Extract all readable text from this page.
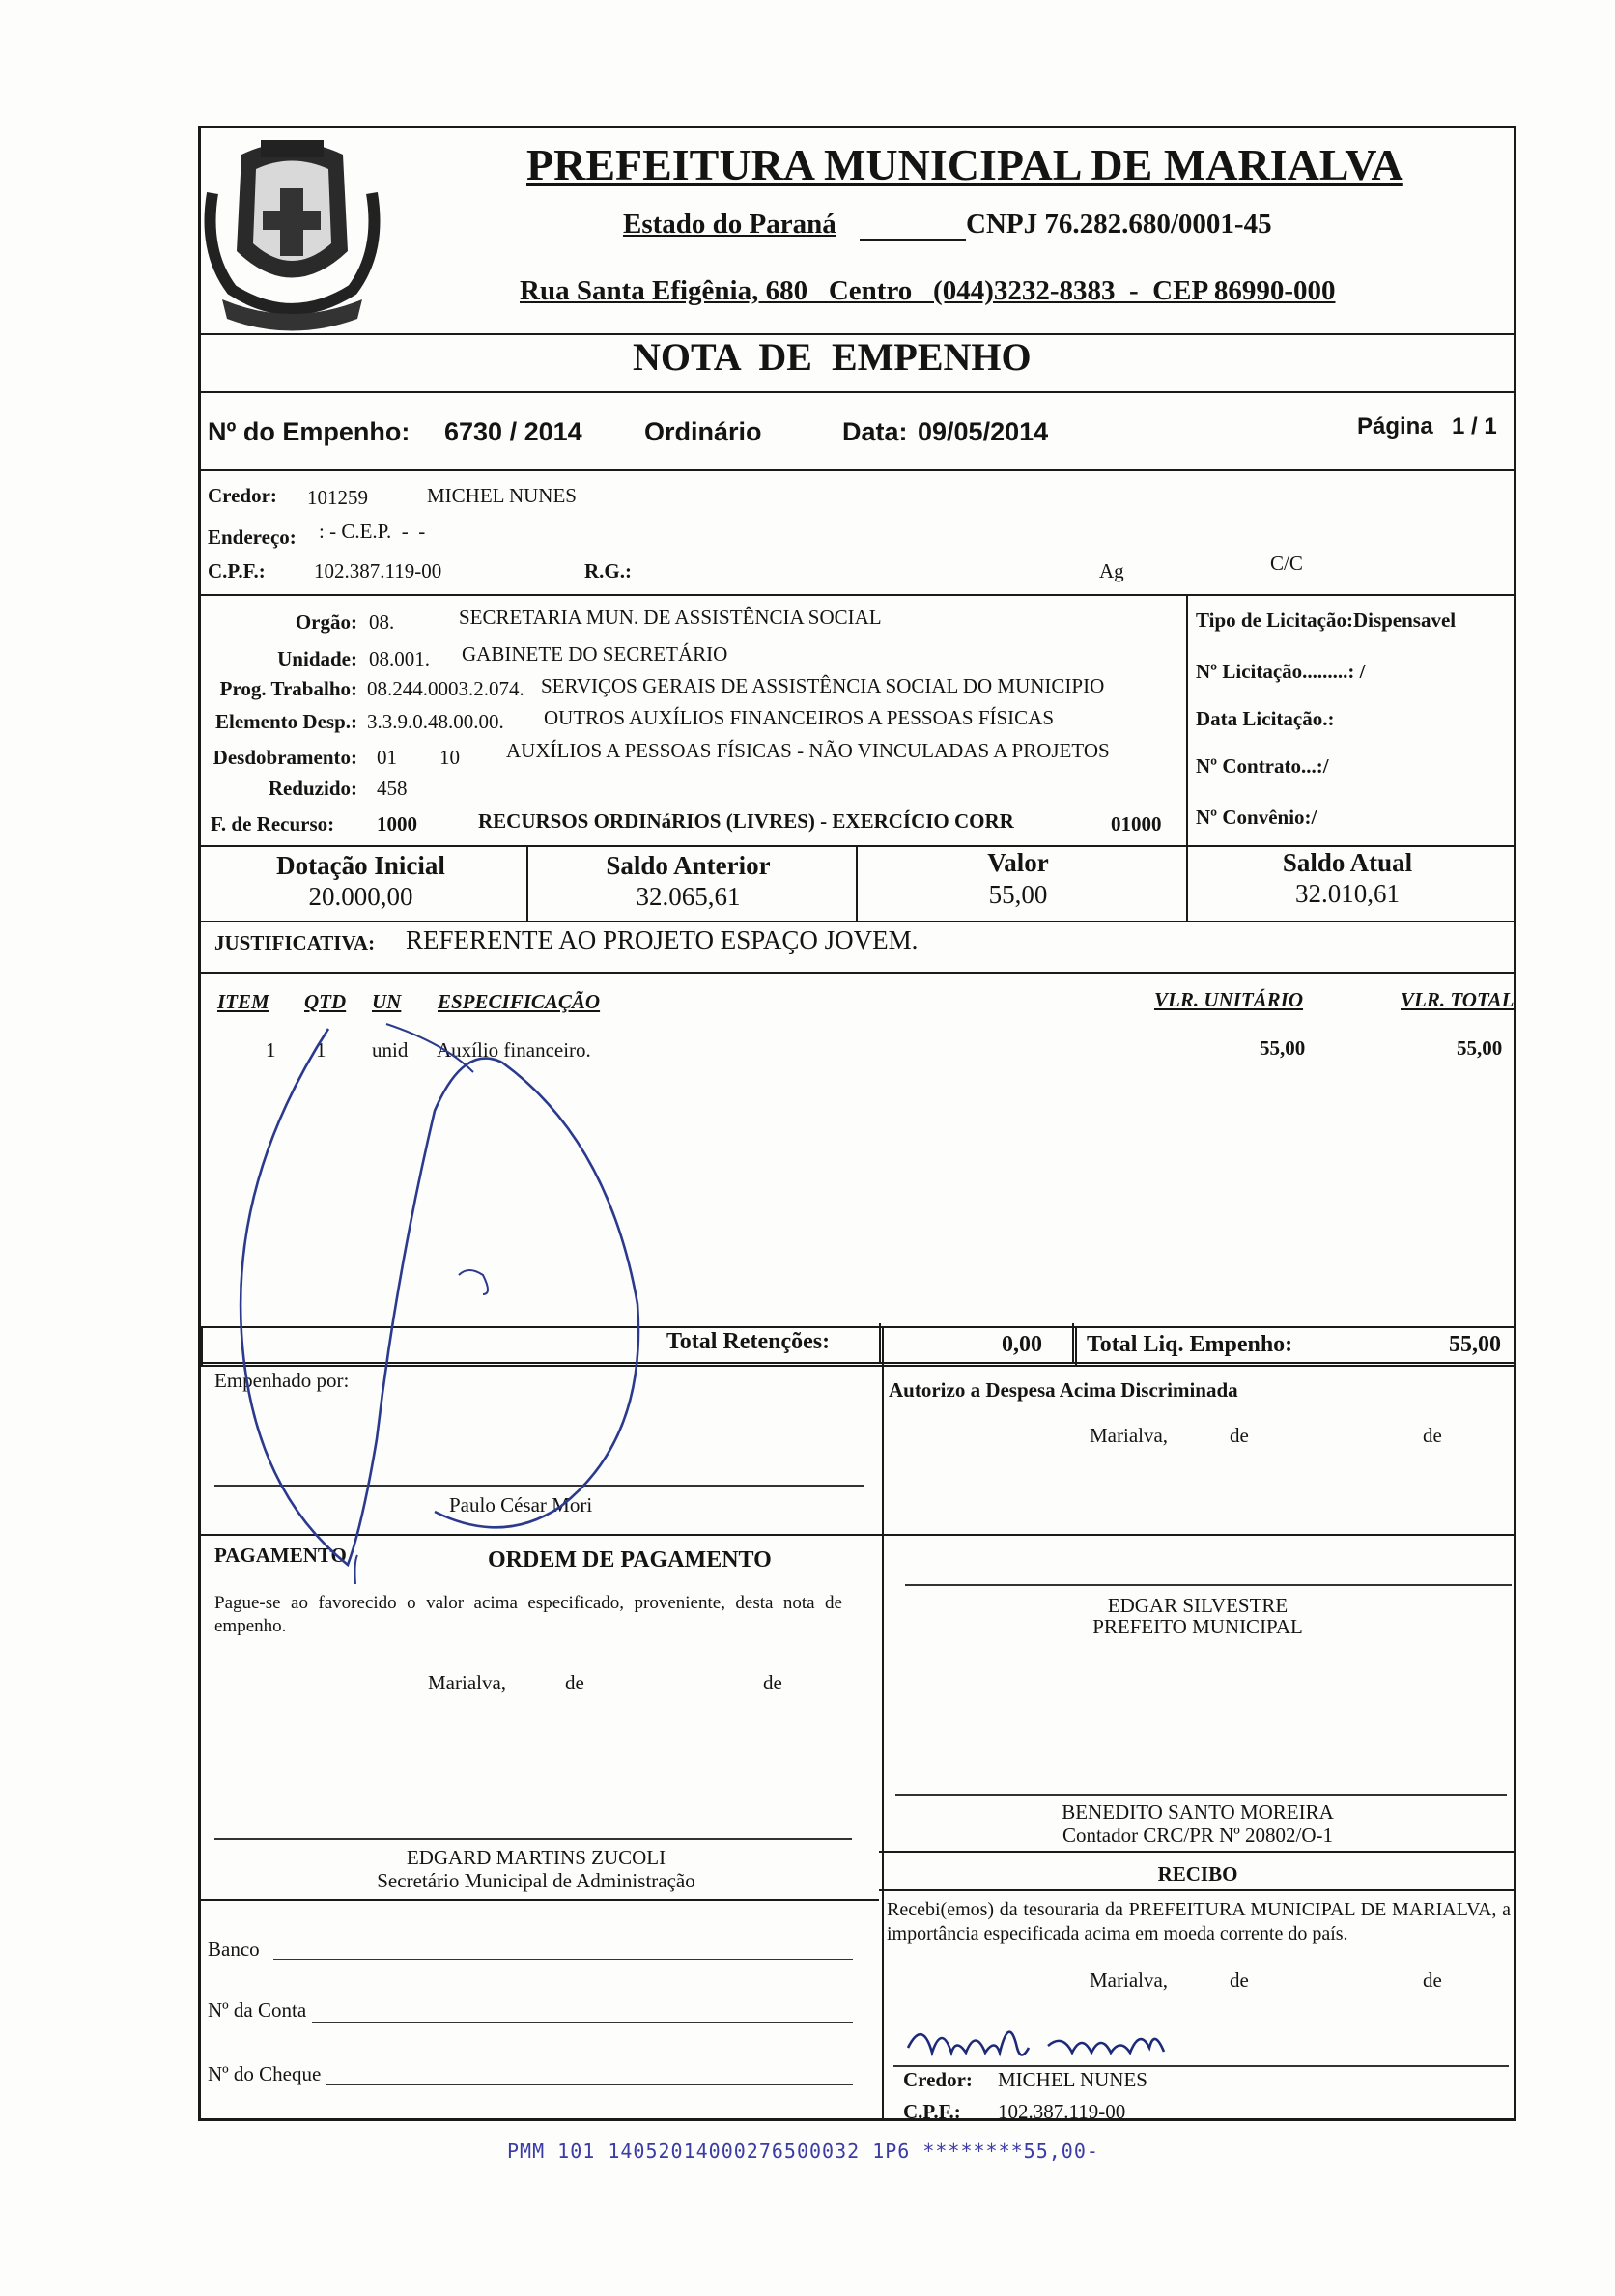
PREFEITURA MUNICIPAL DE MARIALVA
Estado do Paraná	CNPJ 76.282.680/0001-45
Rua Santa Efigênia, 680   Centro   (044)3232-8383  -  CEP 86990-000
NOTA  DE  EMPENHO
Nº do Empenho: 6730 / 2014 Ordinário	Data: 09/05/2014	Página 1 / 1
Credor: 101259	MICHEL NUNES
Endereço: : - C.E.P.  -  -
C.P.F.: 102.387.119-00	R.G.:	Ag	C/C
Orgão: 08.	SECRETARIA MUN. DE ASSISTÊNCIA SOCIAL
Unidade: 08.001. GABINETE DO SECRETÁRIO
Prog. Trabalho: 08.244.0003.2.074. SERVIÇOS GERAIS DE ASSISTÊNCIA SOCIAL DO MUNICIPIO
Elemento Desp.: 3.3.9.0.48.00.00. OUTROS AUXÍLIOS FINANCEIROS A PESSOAS FÍSICAS
Desdobramento: 01 10 AUXÍLIOS A PESSOAS FÍSICAS - NÃO VINCULADAS A PROJETOS
Reduzido: 458
F. de Recurso: 1000	RECURSOS ORDINáRIOS (LIVRES) - EXERCÍCIO CORR	01000
Tipo de Licitação:Dispensavel
Nº Licitação.........: /
Data Licitação.:
Nº Contrato...:/
Nº Convênio:/
Dotação Inicial
20.000,00
Saldo Anterior
32.065,61
Valor
55,00
Saldo Atual
32.010,61
JUSTIFICATIVA: REFERENTE AO PROJETO ESPAÇO JOVEM.
ITEM QTD UN ESPECIFICAÇÃO	VLR. UNITÁRIO	VLR. TOTAL
1 1 unid Auxílio financeiro.	55,00	55,00
Total Retenções:	0,00 Total Liq. Empenho:	55,00
Empenhado por:
Paulo César Mori
Autorizo a Despesa Acima Discriminada
Marialva,	de	de
EDGAR SILVESTRE
PREFEITO MUNICIPAL
PAGAMENTO	ORDEM DE PAGAMENTO
Pague-se ao favorecido o valor acima especificado, proveniente, desta nota de empenho.
Marialva,	de	de
EDGARD MARTINS ZUCOLI
Secretário Municipal de Administração
Banco
Nº da Conta
Nº do Cheque
BENEDITO SANTO MOREIRA
Contador CRC/PR Nº 20802/O-1
RECIBO
Recebi(emos) da tesouraria da PREFEITURA MUNICIPAL DE MARIALVA, a importância especificada acima em moeda corrente do país.
Marialva,	de	de
Credor: MICHEL NUNES
C.P.F.: 102.387.119-00
PMM 101 14052014000276500032 1P6 ********55,00-
